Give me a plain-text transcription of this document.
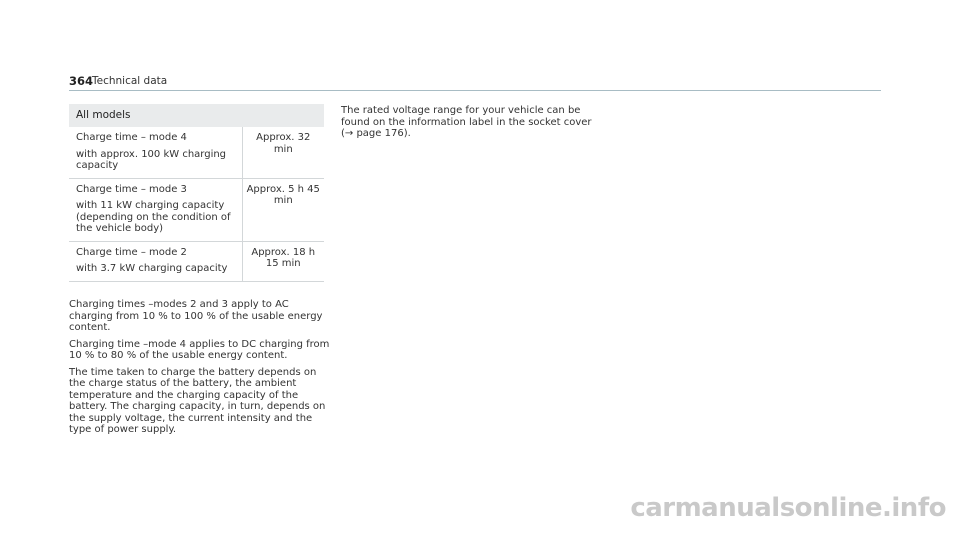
364
Technical data
All models	

Charge time – mode 4

with approx. 100 kW charging capacity	Approx. 32 min

Charge time – mode 3

with 11 kW charging capacity (depending on the condition of the vehicle body)	Approx. 5 h 45 min

Charge time – mode 2

with 3.7 kW charging capacity	Approx. 18 h 15 min

Charging times –modes 2 and 3 apply to AC charging from 10 % to 100 % of the usable energy content.

Charging time –mode 4 applies to DC charging from 10 % to 80 % of the usable energy content.

The time taken to charge the battery depends on the charge status of the battery, the ambient temperature and the charging capacity of the battery. The charging capacity, in turn, depends on the supply voltage, the current intensity and the type of power supply.

The rated voltage range for your vehicle can be found on the information label in the socket cover (→ page 176).

carmanualsonline.info
